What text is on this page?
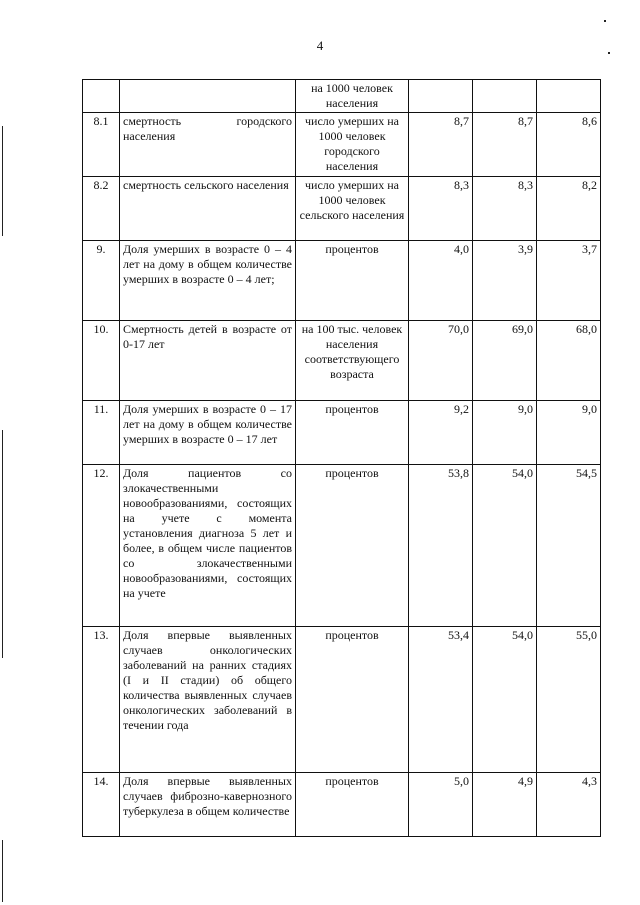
4
		на 1000 человек населения			
8.1	смертность городского населения	число умерших на 1000 человек городского населения	8,7	8,7	8,6
8.2	смертность сельского населения	число умерших на 1000 человек сельского населения	8,3	8,3	8,2
9.	Доля умерших в возрасте 0 – 4 лет на дому в общем количестве умерших в возрасте 0 – 4 лет;	процентов	4,0	3,9	3,7
10.	Смертность детей в возрасте от 0-17 лет	на 100 тыс. человек населения соответствующего возраста	70,0	69,0	68,0
11.	Доля умерших в возрасте 0 – 17 лет на дому в общем количестве умерших в возрасте 0 – 17 лет	процентов	9,2	9,0	9,0
12.	Доля пациентов со злокачественными новообразованиями, состоящих на учете с момента установления диагноза 5 лет и более, в общем числе пациентов со злокачественными новообразованиями, состоящих на учете	процентов	53,8	54,0	54,5
13.	Доля впервые выявленных случаев онкологических заболеваний на ранних стадиях (I и II стадии) об общего количества выявленных случаев онкологических заболеваний в течении года	процентов	53,4	54,0	55,0
14.	Доля впервые выявленных случаев фиброзно-кавернозного туберкулеза в общем количестве	процентов	5,0	4,9	4,3
